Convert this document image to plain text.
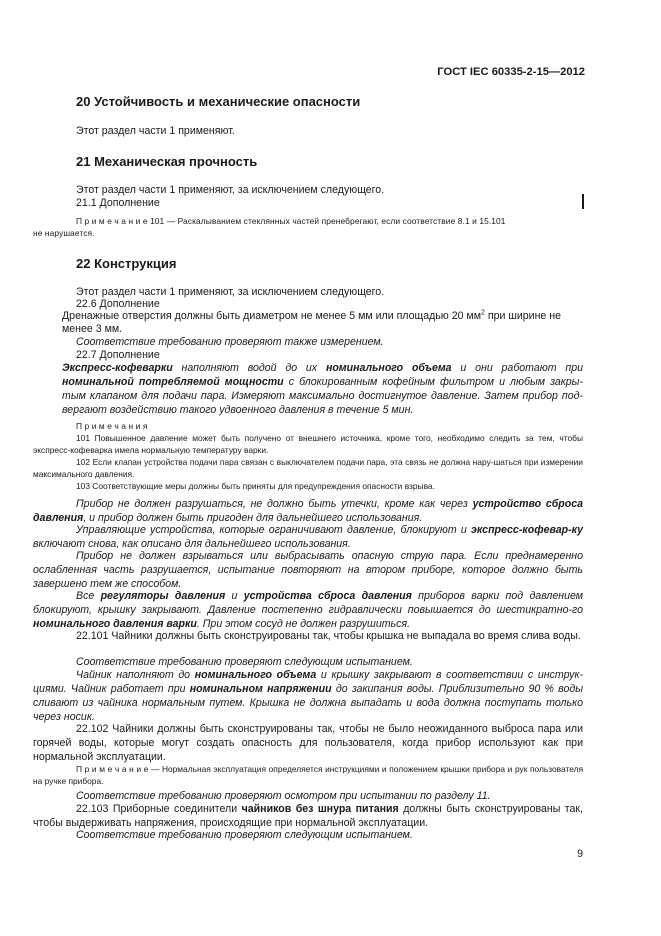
ГОСТ IEC 60335-2-15—2012
20 Устойчивость и механические опасности
Этот раздел части 1 применяют.
21 Механическая прочность
Этот раздел части 1 применяют, за исключением следующего.
21.1 Дополнение
П р и м е ч а н и е 101 — Раскалыванием стеклянных частей пренебрегают, если соответствие 8.1 и 15.101
не нарушается.
22 Конструкция
Этот раздел части 1 применяют, за исключением следующего.
22.6 Дополнение
Дренажные отверстия должны быть диаметром не менее 5 мм или площадью 20 $мм^2$ при ширине не
менее 3 мм.
Соответствие требованию проверяют также измерением.
22.7 Дополнение
Экспресс-кофеварки наполняют водой до их номинального объема и они работают при номинальной потребляемой мощности с блокированным кофейным фильтром и любым закры-тым клапаном для подачи пара. Измеряют максимально достигнутое давление. Затем прибор под-вергают воздействию такого удвоенного давления в течение 5 мин.
П р и м е ч а н и я
101 Повышенное давление может быть получено от внешнего источника, кроме того, необходимо следить за тем, чтобы экспресс-кофеварка имела нормальную температуру варки.
102 Если клапан устройства подачи пара связан с выключателем подачи пара, эта связь не должна нару-шаться при измерении максимального давления.
103 Соответствующие меры должны быть приняты для предупреждения опасности взрыва.
Прибор не должен разрушаться, не должно быть утечки, кроме как через устройство сброса давления, и прибор должен быть пригоден для дальнейшего использования.
Управляющие устройства, которые ограничивают давление, блокируют и экспресс-кофевар-ку включают снова, как описано для дальнейшего использования.
Прибор не должен взрываться или выбрасывать опасную струю пара. Если преднамеренно ослабленная часть разрушается, испытание повторяют на втором приборе, которое должно быть завершено тем же способом.
Все регуляторы давления и устройства сброса давления приборов варки под давлением блокируют, крышку закрывают. Давление постепенно гидравлически повышается до шестикратно-го номинального давления варки. При этом сосуд не должен разрушиться.
22.101 Чайники должны быть сконструированы так, чтобы крышка не выпадала во время слива воды.
Соответствие требованию проверяют следующим испытанием.
Чайник наполняют до номинального объема и крышку закрывают в соответствии с инструк-циями. Чайник работает при номинальном напряжении до закипания воды. Приблизительно 90 % воды сливают из чайника нормальным путем. Крышка не должна выпадать и вода должна поступать только через носик.
22.102 Чайники должны быть сконструированы так, чтобы не было неожиданного выброса пара или горячей воды, которые могут создать опасность для пользователя, когда прибор используют как при нормальной эксплуатации.
П р и м е ч а н и е — Нормальная эксплуатация определяется инструкциями и положением крышки прибора и рук пользователя на ручке прибора.
Соответствие требованию проверяют осмотром при испытании по разделу 11.
22.103 Приборные соединители чайников без шнура питания должны быть сконструированы так, чтобы выдерживать напряжения, происходящие при нормальной эксплуатации.
Соответствие требованию проверяют следующим испытанием.
9
